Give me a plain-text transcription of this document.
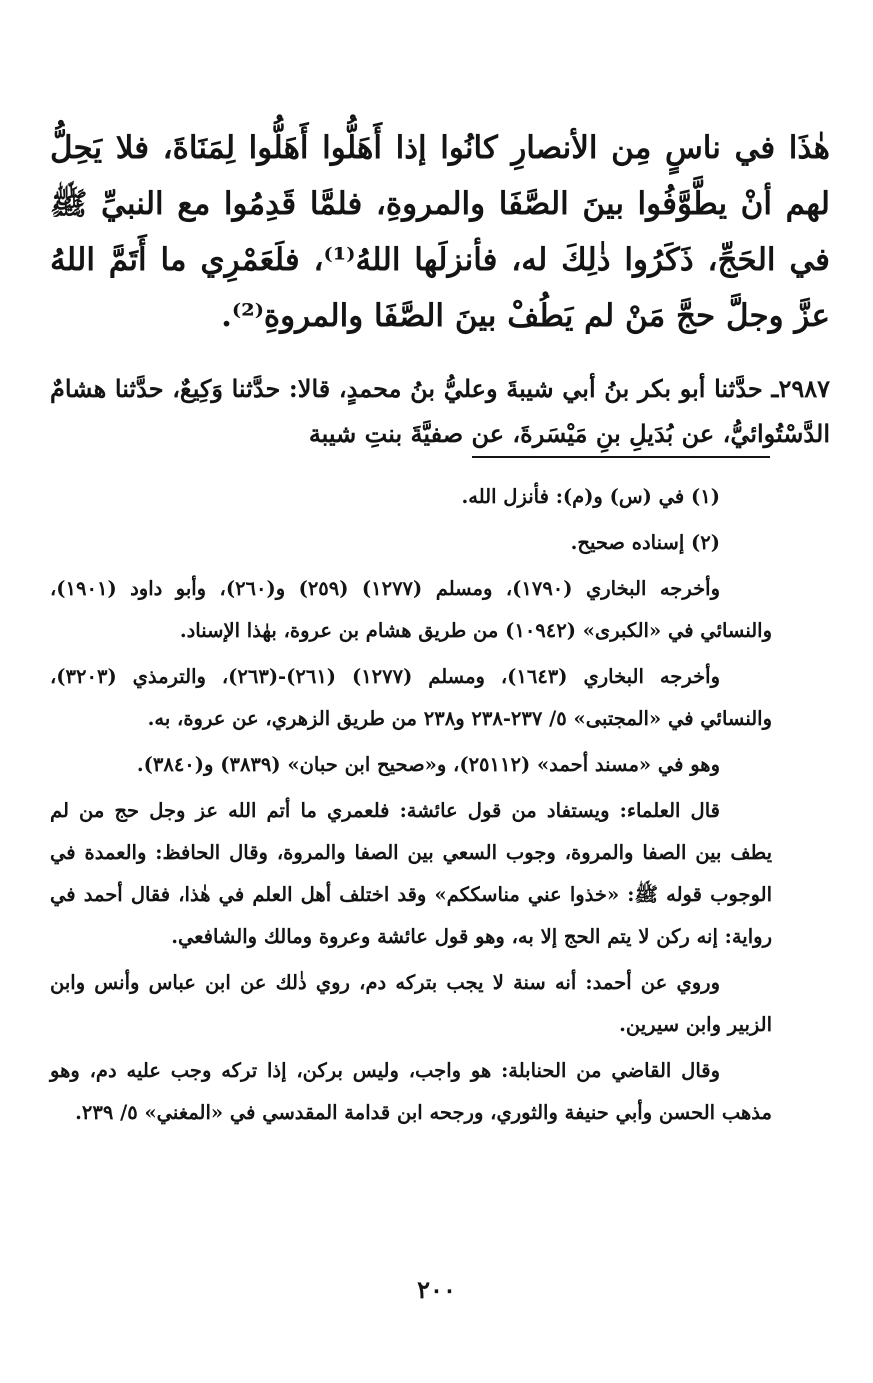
هٰذَا في ناسٍ مِن الأنصارِ كانُوا إذا أَهَلُّوا أَهَلُّوا لِمَنَاةَ، فلا يَحِلُّ لهم أنْ يطَّوَّفُوا بينَ الصَّفَا والمروةِ، فلمَّا قَدِمُوا مع النبيِّ ﷺ في الحَجِّ، ذَكَرُوا ذٰلِكَ له، فأنزلَها اللهُ⁽¹⁾، فلَعَمْرِي ما أَتَمَّ اللهُ عزَّ وجلَّ حجَّ مَنْ لم يَطُفْ بينَ الصَّفَا والمروةِ⁽²⁾.

٢٩٨٧ـ حدَّثنا أبو بكر بنُ أبي شيبةَ وعليُّ بنُ محمدٍ، قالا: حدَّثنا وَكِيعٌ، حدَّثنا هشامٌ الدَّسْتُوائيُّ، عن بُدَيلِ بنِ مَيْسَرةَ، عن صفيَّةَ بنتِ شيبة

(١) في (س) و(م): فأنزل الله.

(٢) إسناده صحيح.

وأخرجه البخاري (١٧٩٠)، ومسلم (١٢٧٧) (٢٥٩) و(٢٦٠)، وأبو داود (١٩٠١)، والنسائي في «الكبرى» (١٠٩٤٢) من طريق هشام بن عروة، بهٰذا الإسناد.

وأخرجه البخاري (١٦٤٣)، ومسلم (١٢٧٧) (٢٦١)-(٢٦٣)، والترمذي (٣٢٠٣)، والنسائي في «المجتبى» ٥/ ٢٣٧-٢٣٨ و٢٣٨ من طريق الزهري، عن عروة، به.

وهو في «مسند أحمد» (٢٥١١٢)، و«صحيح ابن حبان» (٣٨٣٩) و(٣٨٤٠).

قال العلماء: ويستفاد من قول عائشة: فلعمري ما أتم الله عز وجل حج من لم يطف بين الصفا والمروة، وجوب السعي بين الصفا والمروة، وقال الحافظ: والعمدة في الوجوب قوله ﷺ: «خذوا عني مناسككم» وقد اختلف أهل العلم في هٰذا، فقال أحمد في رواية: إنه ركن لا يتم الحج إلا به، وهو قول عائشة وعروة ومالك والشافعي.

وروي عن أحمد: أنه سنة لا يجب بتركه دم، روي ذٰلك عن ابن عباس وأنس وابن الزبير وابن سيرين.

وقال القاضي من الحنابلة: هو واجب، وليس بركن، إذا تركه وجب عليه دم، وهو مذهب الحسن وأبي حنيفة والثوري، ورجحه ابن قدامة المقدسي في «المغني» ٥/ ٢٣٩.

٢٠٠
